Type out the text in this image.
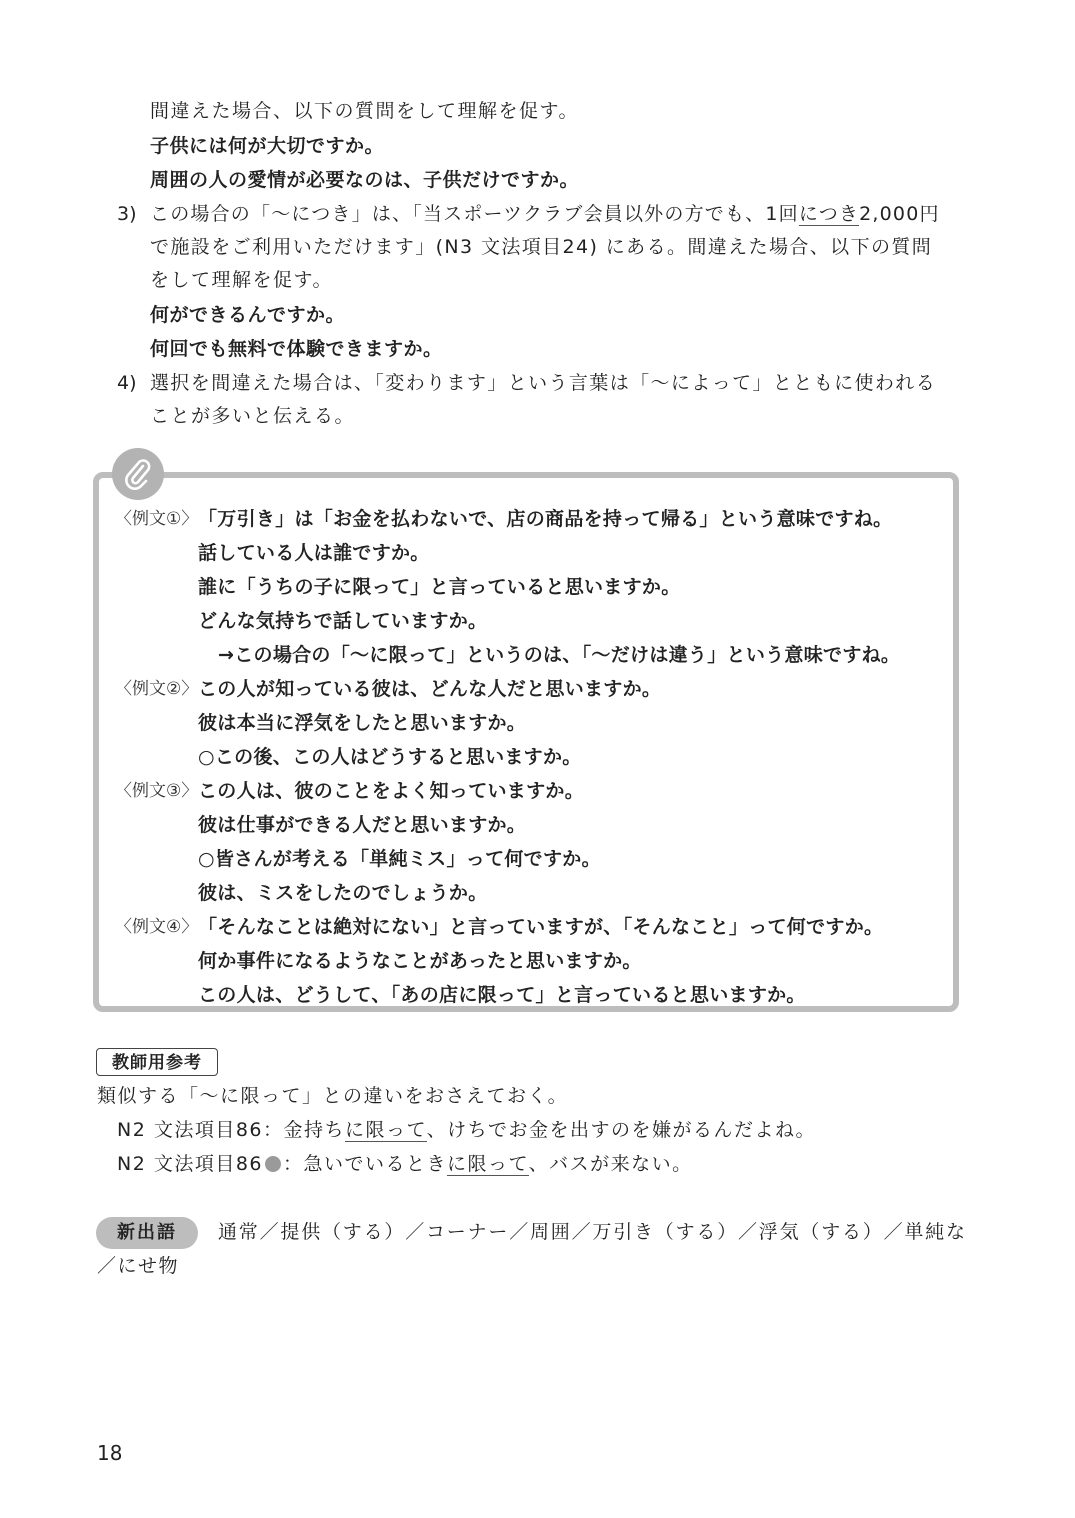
間違えた場合、以下の質問をして理解を促す。
子供には何が大切ですか。
周囲の人の愛情が必要なのは、子供だけですか。
3) この場合の「〜につき」は、「当スポーツクラブ会員以外の方でも、1回につき2,000円
で施設をご利用いただけます」(N3 文法項目24) にある。間違えた場合、以下の質問
をして理解を促す。
何ができるんですか。
何回でも無料で体験できますか。
4) 選択を間違えた場合は、「変わります」という言葉は「〜によって」とともに使われる
ことが多いと伝える。
〈例文①〉 「万引き」は「お金を払わないで、店の商品を持って帰る」という意味ですね。
話している人は誰ですか。
誰に「うちの子に限って」と言っていると思いますか。
どんな気持ちで話していますか。
→この場合の「〜に限って」というのは、「〜だけは違う」という意味ですね。
〈例文②〉 この人が知っている彼は、どんな人だと思いますか。
彼は本当に浮気をしたと思いますか。
○この後、この人はどうすると思いますか。
〈例文③〉 この人は、彼のことをよく知っていますか。
彼は仕事ができる人だと思いますか。
○皆さんが考える「単純ミス」って何ですか。
彼は、ミスをしたのでしょうか。
〈例文④〉 「そんなことは絶対にない」と言っていますが、「そんなこと」って何ですか。
何か事件になるようなことがあったと思いますか。
この人は、どうして、「あの店に限って」と言っていると思いますか。
教師用参考
類似する「〜に限って」との違いをおさえておく。
N2 文法項目86：金持ちに限って、けちでお金を出すのを嫌がるんだよね。
N2 文法項目86 ：急いでいるときに限って、バスが来ない。
新出語	通常／提供（する）／コーナー／周囲／万引き（する）／浮気（する）／単純な
／にせ物
18
